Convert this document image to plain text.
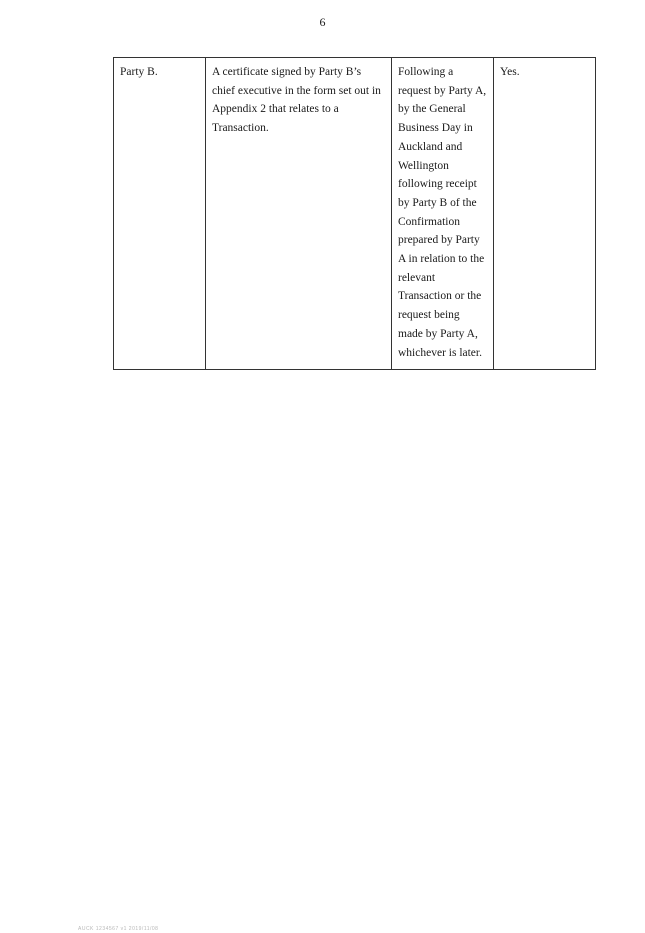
6
Party B.	A certificate signed by Party B’s chief executive in the form set out in Appendix 2 that relates to a Transaction.	Following a request by Party A, by the General Business Day in Auckland and Wellington following receipt by Party B of the Confirmation prepared by Party A in relation to the relevant Transaction or the request being made by Party A, whichever is later.	Yes.
AUCK 1234567 v1 2019/11/08
